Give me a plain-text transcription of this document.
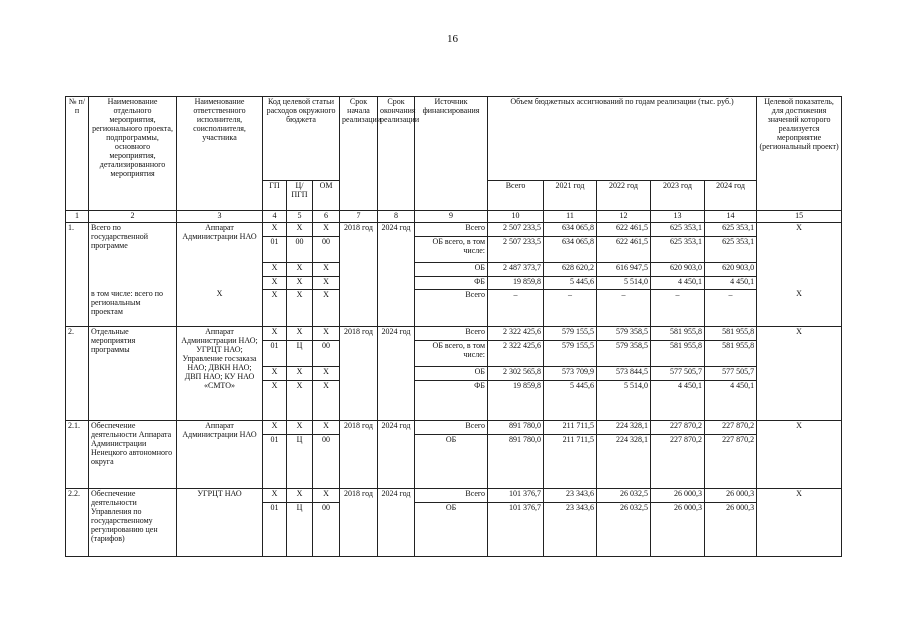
16
№ п/п	Наименование отдельного мероприятия, регионального проекта, подпрограммы, основного мероприятия, детализированного мероприятия	Наименование ответственного исполнителя, соисполнителя, участника	Код целевой статьи расходов окружного бюджета			Срок начала реализации	Срок окончания реализации	Источник финансирования	Объем бюджетных ассигнований по годам реализации (тыс. руб.)					Целевой показатель, для достижения значений которого реализуется мероприятие (региональный проект)
			ГП	Ц/ ПГП	ОМ				Всего	2021 год	2022 год	2023 год	2024 год	
1	2	3	4	5	6	7	8	9	10	11	12	13	14	15
1.	Всего по государственной программе	Аппарат Администрации НАО	Х	Х	Х	2018 год	2024 год	Всего	2 507 233,5	634 065,8	622 461,5	625 353,1	625 353,1	Х
			01	00	00			ОБ всего, в том числе:	2 507 233,5	634 065,8	622 461,5	625 353,1	625 353,1	
			Х	Х	Х			ОБ	2 487 373,7	628 620,2	616 947,5	620 903,0	620 903,0	
			Х	Х	Х			ФБ	19 859,8	5 445,6	5 514,0	4 450,1	4 450,1	
	в том числе: всего по региональным проектам	Х	Х	Х	Х			Всего	–	–	–	–	–	Х
2.	Отдельные мероприятия программы	Аппарат Администрации НАО; УГРЦТ НАО; Управление госзаказа НАО; ДВКН НАО; ДВП НАО; КУ НАО «СМТО»	Х	Х	Х	2018 год	2024 год	Всего	2 322 425,6	579 155,5	579 358,5	581 955,8	581 955,8	Х
			01	Ц	00			ОБ всего, в том числе:	2 322 425,6	579 155,5	579 358,5	581 955,8	581 955,8	
			Х	Х	Х			ОБ	2 302 565,8	573 709,9	573 844,5	577 505,7	577 505,7	
			Х	Х	Х			ФБ	19 859,8	5 445,6	5 514,0	4 450,1	4 450,1	
2.1.	Обеспечение деятельности Аппарата Администрации Ненецкого автономного округа	Аппарат Администрации НАО	Х	Х	Х	2018 год	2024 год	Всего	891 780,0	211 711,5	224 328,1	227 870,2	227 870,2	Х
			01	Ц	00			ОБ	891 780,0	211 711,5	224 328,1	227 870,2	227 870,2	
2.2.	Обеспечение деятельности Управления по государственному регулированию цен (тарифов)	УГРЦТ НАО	Х	Х	Х	2018 год	2024 год	Всего	101 376,7	23 343,6	26 032,5	26 000,3	26 000,3	Х
			01	Ц	00			ОБ	101 376,7	23 343,6	26 032,5	26 000,3	26 000,3	
